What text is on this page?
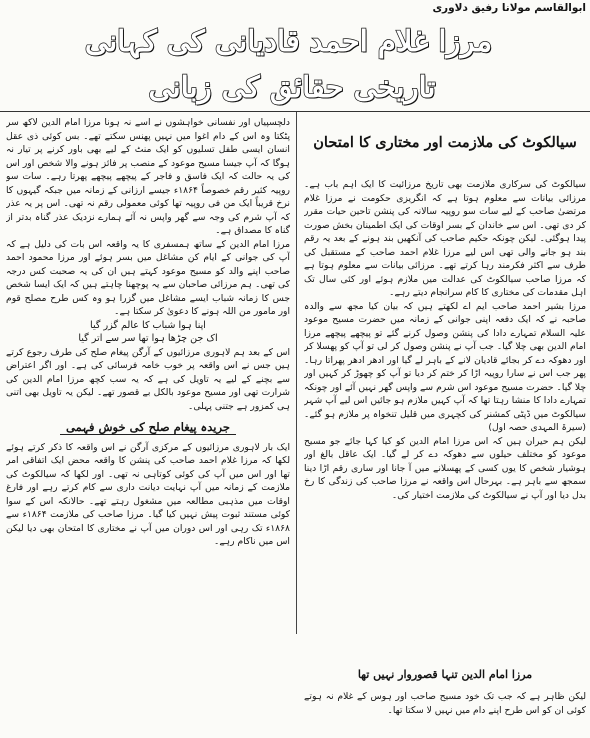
ابوالقاسم مولانا رفیق دلاوری
مرزا غلام احمد قادیانی کی کہانی
تاریخی حقائق کی زبانی
سیالکوٹ کی ملازمت اور مختاری کا امتحان

سیالکوٹ کی سرکاری ملازمت بھی تاریخ مرزائیت کا ایک اہم باب ہے۔ مرزائی بیانات سے معلوم ہوتا ہے کہ انگریزی حکومت نے مرزا غلام مرتضیٰ صاحب کے لیے سات سو روپیہ سالانہ کی پنشن تاحین حیات مقرر کر دی تھی۔ اس سے خاندان کے بسر اوقات کی ایک اطمینان بخش صورت پیدا ہوگئی۔ لیکن چونکہ حکیم صاحب کی آنکھیں بند ہونے کے بعد یہ رقم بند ہو جانے والی تھی اس لیے مرزا غلام احمد صاحب کے مستقبل کی طرف سے اکثر فکرمند رہا کرتے تھے۔ مرزائی بیانات سے معلوم ہوتا ہے کہ مرزا صاحب سیالکوٹ کی عدالت میں ملازم ہوئے اور کئی سال تک اہل مقدمات کی مختاری کا کام سرانجام دیتے رہے۔

مرزا بشیر احمد صاحب ایم اے لکھتے ہیں کہ بیان کیا مجھ سے والدہ صاحبہ نے کہ ایک دفعہ اپنی جوانی کے زمانہ میں حضرت مسیح موعود علیہ السلام تمہارے دادا کی پنشن وصول کرنے گئے تو پیچھے پیچھے مرزا امام الدین بھی چلا گیا۔ جب آپ نے پنشن وصول کر لی تو آپ کو پھسلا کر اور دھوکہ دے کر بجائے قادیان لانے کے باہر لے گیا اور ادھر ادھر پھراتا رہا۔ پھر جب اس نے سارا روپیہ اڑا کر ختم کر دیا تو آپ کو چھوڑ کر کہیں اور چلا گیا۔ حضرت مسیح موعود اس شرم سے واپس گھر نہیں آئے اور چونکہ تمہارے دادا کا منشا رہتا تھا کہ آپ کہیں ملازم ہو جائیں اس لیے آپ شہر سیالکوٹ میں ڈپٹی کمشنر کی کچہری میں قلیل تنخواہ پر ملازم ہو گئے۔ (سیرۃ المہدی حصہ اول)

لیکن ہم حیران ہیں کہ اس مرزا امام الدین کو کیا کہا جائے جو مسیح موعود کو مختلف حیلوں سے دھوکہ دے کر لے گیا۔ ایک عاقل بالغ اور ہوشیار شخص کا یوں کسی کے پھسلانے میں آ جانا اور ساری رقم اڑا دینا سمجھ سے باہر ہے۔ بہرحال اس واقعہ نے مرزا صاحب کی زندگی کا رخ بدل دیا اور آپ نے سیالکوٹ کی ملازمت اختیار کی۔

دلچسپیاں اور نفسانی خواہشوں نے اسے نہ ہونا مرزا امام الدین لاکھ سر پٹکتا وہ اس کے دام اغوا میں نہیں پھنس سکتے تھے۔ بس کوئی ذی عقل انسان ایسی طفل تسلیوں کو ایک منٹ کے لیے بھی باور کرنے پر تیار نہ ہوگا کہ آپ جیسا مسیح موعود کے منصب پر فائز ہونے والا شخص اور اس کی یہ حالت کہ ایک فاسق و فاجر کے پیچھے پیچھے پھرتا رہے۔ سات سو روپیہ کثیر رقم خصوصاً ۱۸۶۴ء جیسے ارزانی کے زمانہ میں جبکہ گیہوں کا نرخ قریباً ایک من فی روپیہ تھا کوئی معمولی رقم نہ تھی۔ اس پر یہ عذر کہ آپ شرم کی وجہ سے گھر واپس نہ آئے ہمارے نزدیک عذر گناہ بدتر از گناہ کا مصداق ہے۔

مرزا امام الدین کے ساتھ ہمسفری کا یہ واقعہ اس بات کی دلیل ہے کہ آپ کی جوانی کے ایام کن مشاغل میں بسر ہوئے اور مرزا محمود احمد صاحب اپنے والد کو مسیح موعود کہتے ہیں ان کی یہ صحبت کس درجہ کی تھی۔ ہم مرزائی صاحبان سے یہ پوچھنا چاہتے ہیں کہ ایک ایسا شخص جس کا زمانہ شباب ایسے مشاغل میں گزرا ہو وہ کس طرح مصلح قوم اور مامور من اللہ ہونے کا دعویٰ کر سکتا ہے۔

اپنا ہوا شباب کا عالم گزر گیا

اک جن چڑھا ہوا تھا سر سے اتر گیا

اس کے بعد ہم لاہوری مرزائیوں کے آرگن پیغام صلح کی طرف رجوع کرتے ہیں جس نے اس واقعہ پر خوب خامہ فرسائی کی ہے۔ اور اگر اعتراض سے بچنے کے لیے یہ تاویل کی ہے کہ یہ سب کچھ مرزا امام الدین کی شرارت تھی اور مسیح موعود بالکل بے قصور تھے۔ لیکن یہ تاویل بھی اتنی ہی کمزور ہے جتنی پہلی۔

جریدہ پیغام صلح کی خوش فہمی

ایک بار لاہوری مرزائیوں کے مرکزی آرگن نے اس واقعہ کا ذکر کرتے ہوئے لکھا کہ مرزا غلام احمد صاحب کی پنشن کا واقعہ محض ایک اتفاقی امر تھا اور اس میں آپ کی کوئی کوتاہی نہ تھی۔ اور لکھا کہ سیالکوٹ کی ملازمت کے زمانہ میں آپ نہایت دیانت داری سے کام کرتے رہے اور فارغ اوقات میں مذہبی مطالعہ میں مشغول رہتے تھے۔ حالانکہ اس کے سوا کوئی مستند ثبوت پیش نہیں کیا گیا۔ مرزا صاحب کی ملازمت ۱۸۶۴ء سے ۱۸۶۸ء تک رہی اور اس دوران میں آپ نے مختاری کا امتحان بھی دیا لیکن اس میں ناکام رہے۔

مرزا امام الدین تنہا قصوروار نہیں تھا
لیکن ظاہر ہے کہ جب تک خود مسیح صاحب اور ہوس کے غلام نہ ہوتے کوئی ان کو اس طرح اپنے دام میں نہیں لا سکتا تھا۔
